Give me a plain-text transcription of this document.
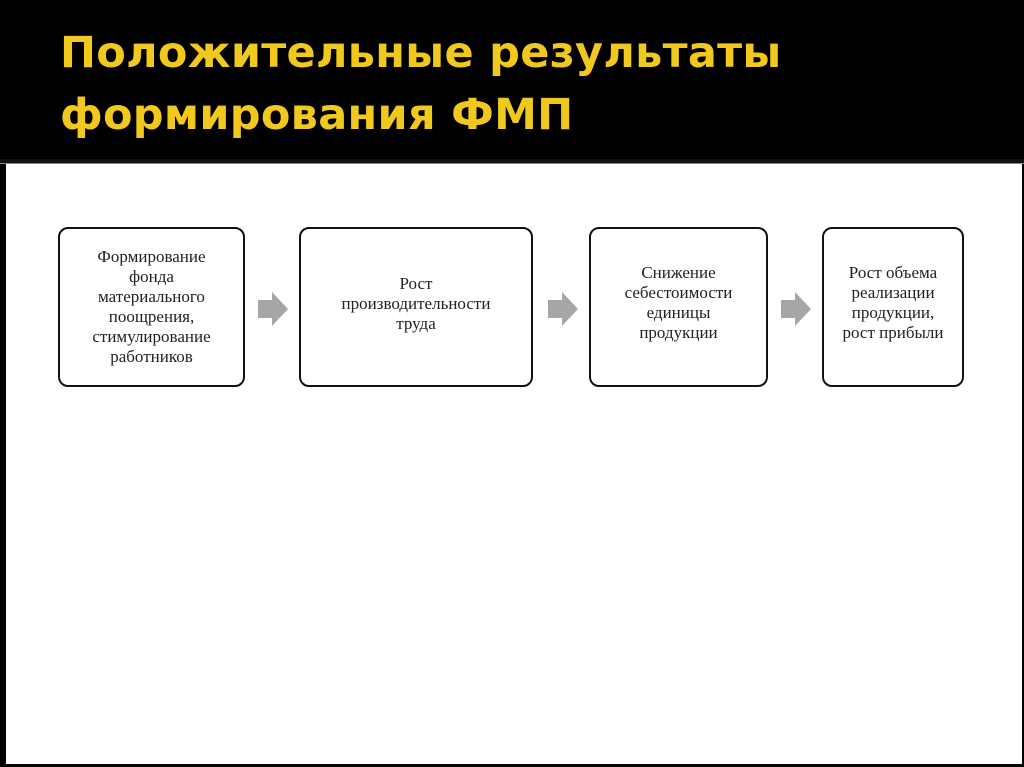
Положительные результаты
формирования ФМП
Формирование
фонда
материального
поощрения,
стимулирование
работников
Рост
производительности
труда
Снижение
себестоимости
единицы
продукции
Рост объема
реализации
продукции,
рост прибыли
